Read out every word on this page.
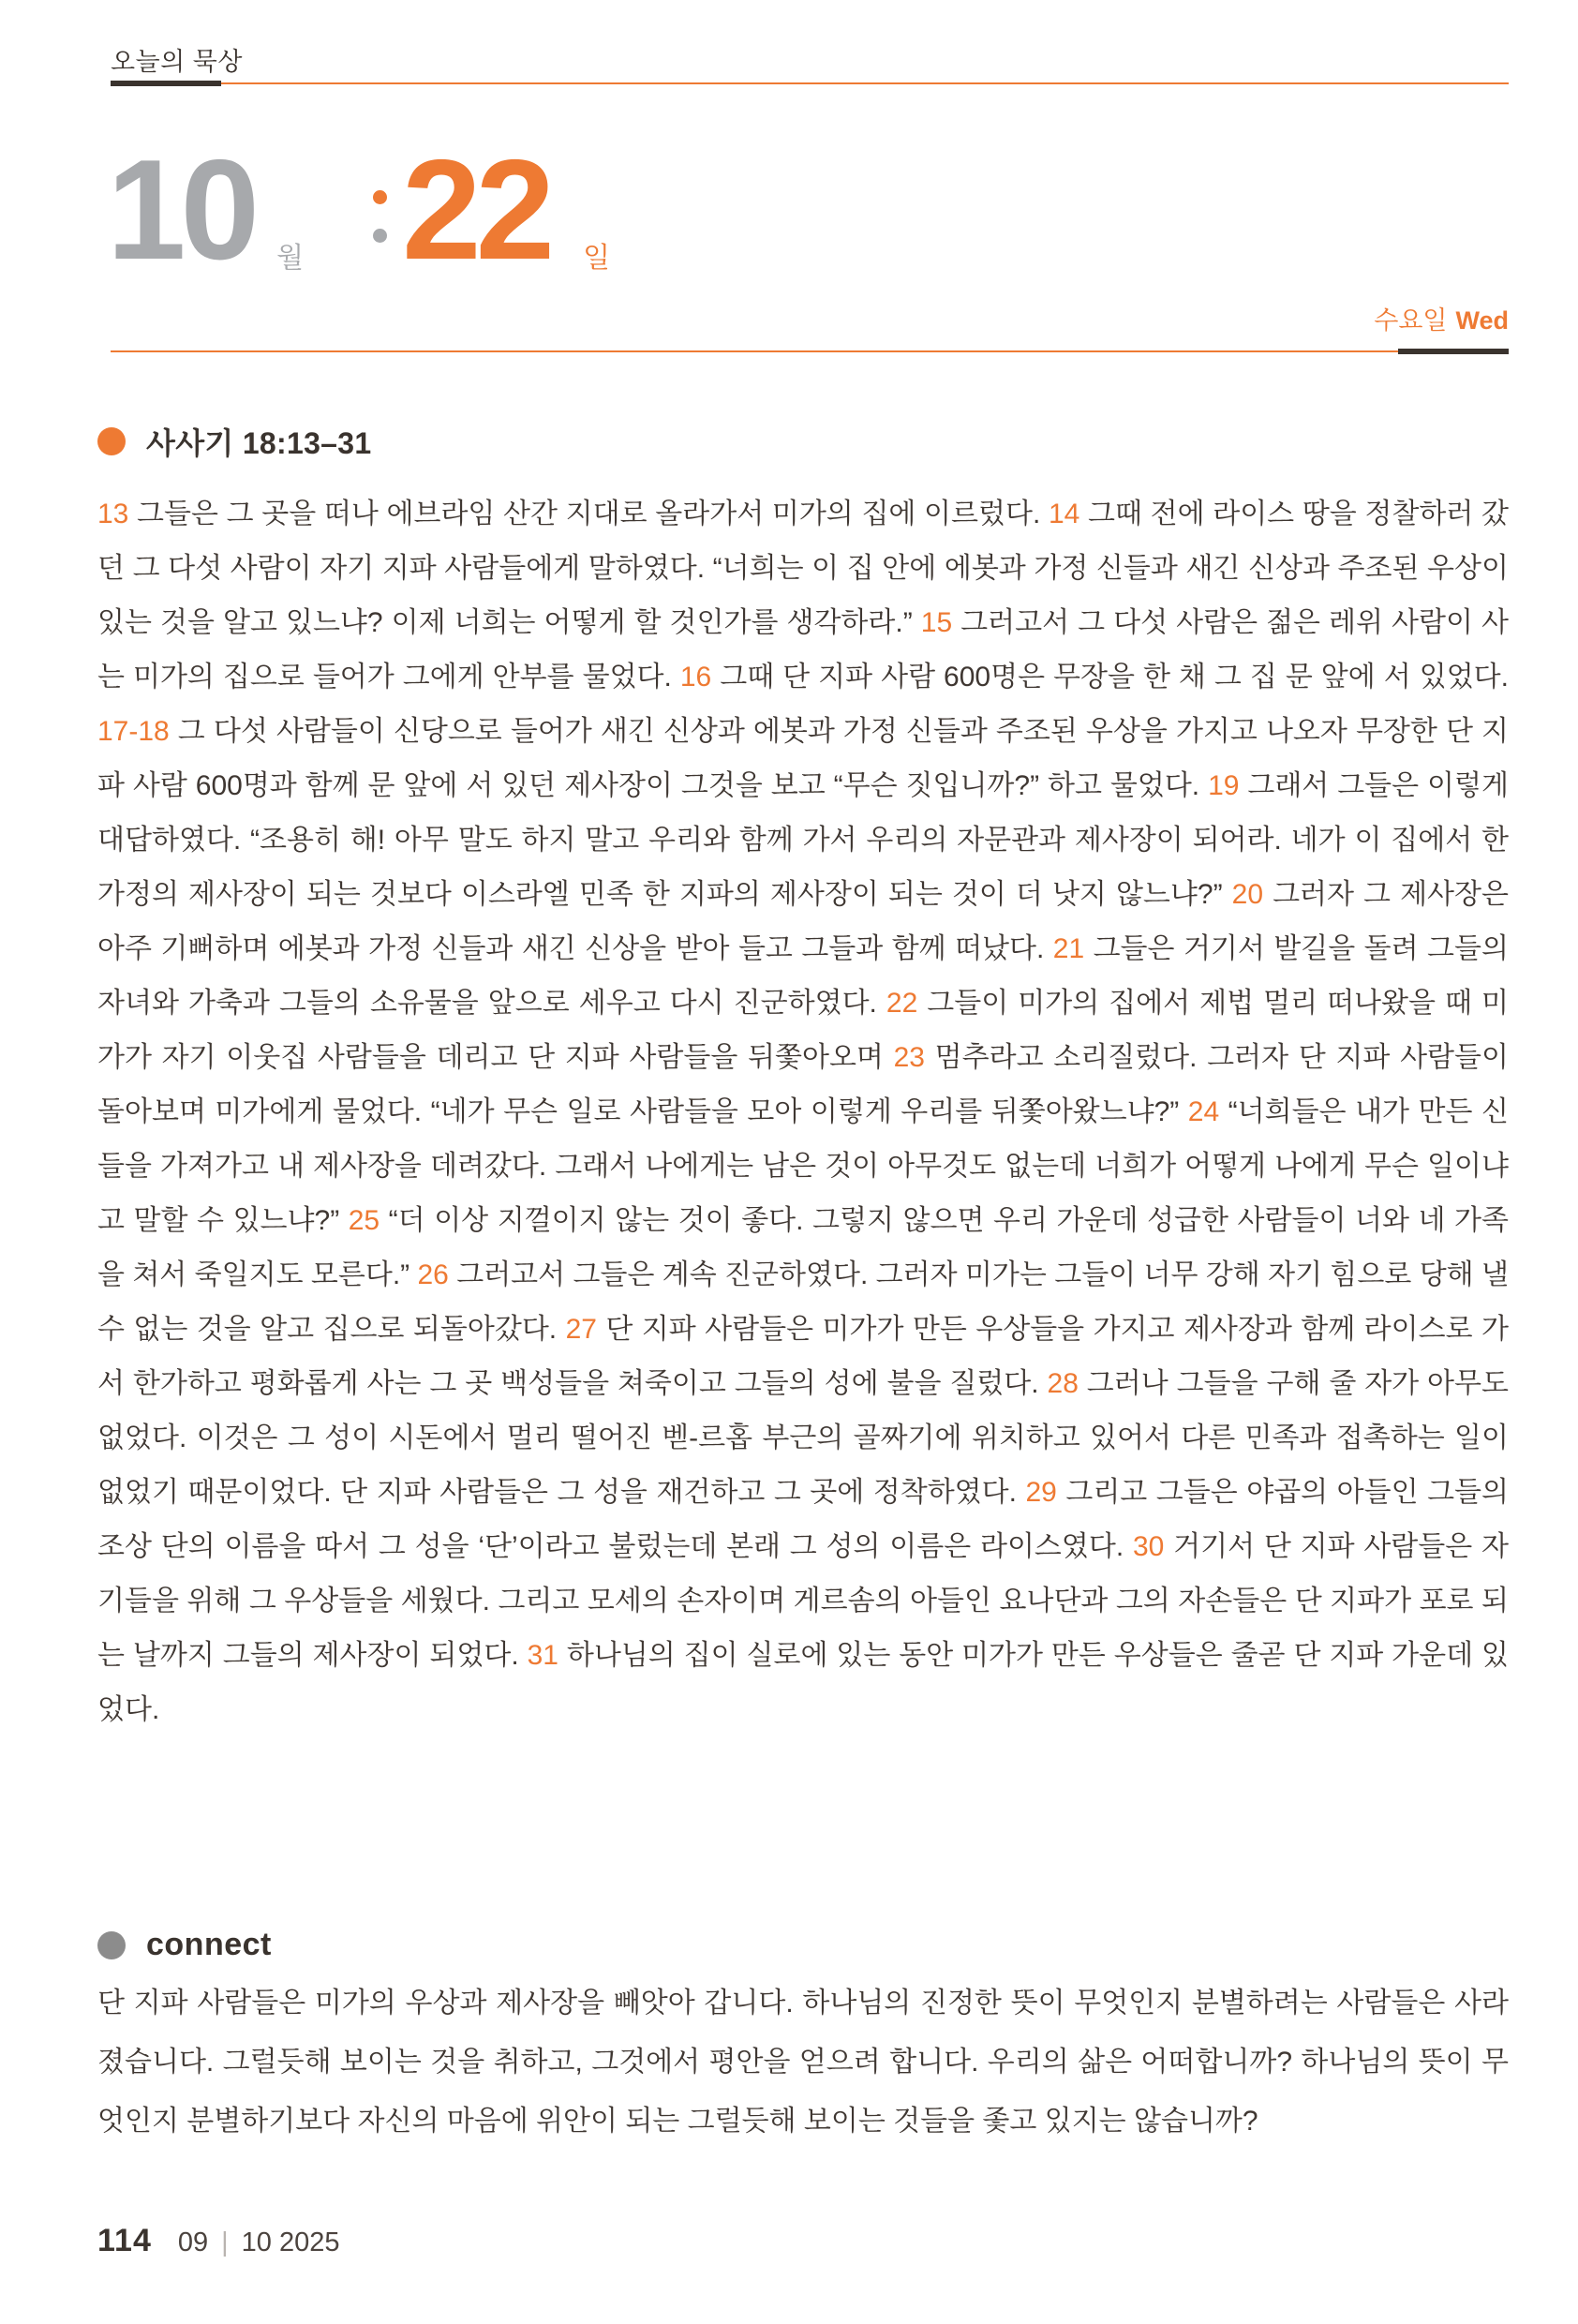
오늘의 묵상
10 월 22 일
수요일 Wed
사사기 18:13–31
13 그들은 그 곳을 떠나 에브라임 산간 지대로 올라가서 미가의 집에 이르렀다. 14 그때 전에 라이스 땅을 정찰하러 갔던 그 다섯 사람이 자기 지파 사람들에게 말하였다. “너희는 이 집 안에 에봇과 가정 신들과 새긴 신상과 주조된 우상이 있는 것을 알고 있느냐? 이제 너희는 어떻게 할 것인가를 생각하라.” 15 그러고서 그 다섯 사람은 젊은 레위 사람이 사는 미가의 집으로 들어가 그에게 안부를 물었다. 16 그때 단 지파 사람 600명은 무장을 한 채 그 집 문 앞에 서 있었다. 17-18 그 다섯 사람들이 신당으로 들어가 새긴 신상과 에봇과 가정 신들과 주조된 우상을 가지고 나오자 무장한 단 지파 사람 600명과 함께 문 앞에 서 있던 제사장이 그것을 보고 “무슨 짓입니까?” 하고 물었다. 19 그래서 그들은 이렇게 대답하였다. “조용히 해! 아무 말도 하지 말고 우리와 함께 가서 우리의 자문관과 제사장이 되어라. 네가 이 집에서 한 가정의 제사장이 되는 것보다 이스라엘 민족 한 지파의 제사장이 되는 것이 더 낫지 않느냐?” 20 그러자 그 제사장은 아주 기뻐하며 에봇과 가정 신들과 새긴 신상을 받아 들고 그들과 함께 떠났다. 21 그들은 거기서 발길을 돌려 그들의 자녀와 가축과 그들의 소유물을 앞으로 세우고 다시 진군하였다. 22 그들이 미가의 집에서 제법 멀리 떠나왔을 때 미가가 자기 이웃집 사람들을 데리고 단 지파 사람들을 뒤쫓아오며 23 멈추라고 소리질렀다. 그러자 단 지파 사람들이 돌아보며 미가에게 물었다. “네가 무슨 일로 사람들을 모아 이렇게 우리를 뒤쫓아왔느냐?” 24 “너희들은 내가 만든 신들을 가져가고 내 제사장을 데려갔다. 그래서 나에게는 남은 것이 아무것도 없는데 너희가 어떻게 나에게 무슨 일이냐고 말할 수 있느냐?” 25 “더 이상 지껄이지 않는 것이 좋다. 그렇지 않으면 우리 가운데 성급한 사람들이 너와 네 가족을 쳐서 죽일지도 모른다.” 26 그러고서 그들은 계속 진군하였다. 그러자 미가는 그들이 너무 강해 자기 힘으로 당해 낼 수 없는 것을 알고 집으로 되돌아갔다. 27 단 지파 사람들은 미가가 만든 우상들을 가지고 제사장과 함께 라이스로 가서 한가하고 평화롭게 사는 그 곳 백성들을 쳐죽이고 그들의 성에 불을 질렀다. 28 그러나 그들을 구해 줄 자가 아무도 없었다. 이것은 그 성이 시돈에서 멀리 떨어진 벧-르홉 부근의 골짜기에 위치하고 있어서 다른 민족과 접촉하는 일이 없었기 때문이었다. 단 지파 사람들은 그 성을 재건하고 그 곳에 정착하였다. 29 그리고 그들은 야곱의 아들인 그들의 조상 단의 이름을 따서 그 성을 ‘단’이라고 불렀는데 본래 그 성의 이름은 라이스였다. 30 거기서 단 지파 사람들은 자기들을 위해 그 우상들을 세웠다. 그리고 모세의 손자이며 게르솜의 아들인 요나단과 그의 자손들은 단 지파가 포로 되는 날까지 그들의 제사장이 되었다. 31 하나님의 집이 실로에 있는 동안 미가가 만든 우상들은 줄곧 단 지파 가운데 있었다.
connect
단 지파 사람들은 미가의 우상과 제사장을 빼앗아 갑니다. 하나님의 진정한 뜻이 무엇인지 분별하려는 사람들은 사라졌습니다. 그럴듯해 보이는 것을 취하고, 그것에서 평안을 얻으려 합니다. 우리의 삶은 어떠합니까? 하나님의 뜻이 무엇인지 분별하기보다 자신의 마음에 위안이 되는 그럴듯해 보이는 것들을 좇고 있지는 않습니까?
114 09 | 10 2025
